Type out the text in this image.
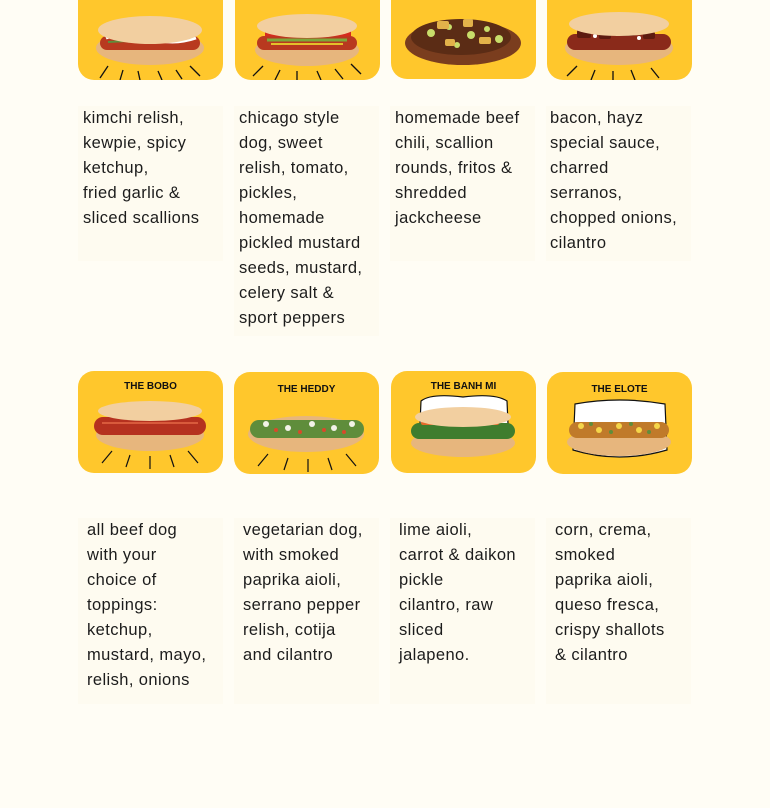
kimchi relish,
kewpie, spicy
ketchup,
fried garlic &
sliced scallions
chicago style
dog, sweet
relish, tomato,
pickles,
homemade
pickled mustard
seeds, mustard,
celery salt &
sport peppers
homemade beef
chili, scallion
rounds, fritos &
shredded
jackcheese
bacon, hayz
special sauce,
charred
serranos,
chopped onions,
cilantro
THE BOBO	THE HEDDY	THE BANH MI	THE ELOTE
all beef dog
with your
choice of
toppings:
ketchup,
mustard, mayo,
relish, onions
vegetarian dog,
with smoked
paprika aioli,
serrano pepper
relish, cotija
and cilantro
lime aioli,
carrot & daikon
pickle
cilantro, raw
sliced
jalapeno.
corn, crema,
smoked
paprika aioli,
queso fresca,
crispy shallots
& cilantro
